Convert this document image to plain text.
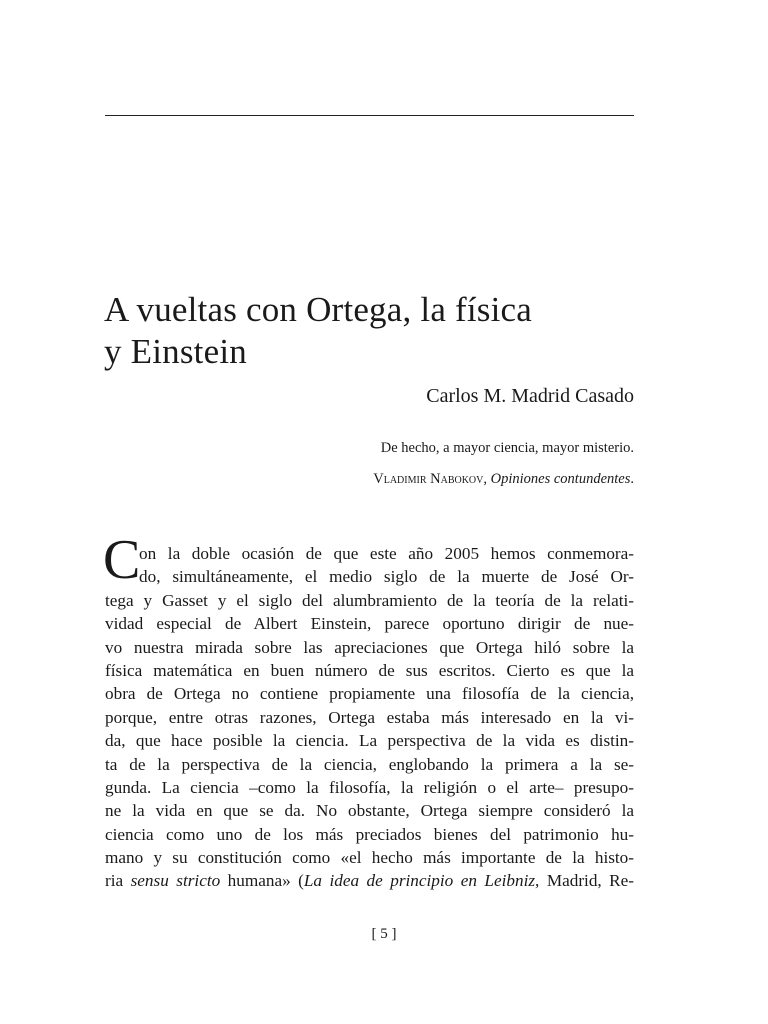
A vueltas con Ortega, la física
y Einstein
Carlos M. Madrid Casado
De hecho, a mayor ciencia, mayor misterio.
Vladimir Nabokov, Opiniones contundentes.
C
on la doble ocasión de que este año 2005 hemos conmemora-
do, simultáneamente, el medio siglo de la muerte de José Or-
tega y Gasset y el siglo del alumbramiento de la teoría de la relati-
vidad especial de Albert Einstein, parece oportuno dirigir de nue-
vo nuestra mirada sobre las apreciaciones que Ortega hiló sobre la
física matemática en buen número de sus escritos. Cierto es que la
obra de Ortega no contiene propiamente una filosofía de la ciencia,
porque, entre otras razones, Ortega estaba más interesado en la vi-
da, que hace posible la ciencia. La perspectiva de la vida es distin-
ta de la perspectiva de la ciencia, englobando la primera a la se-
gunda. La ciencia –como la filosofía, la religión o el arte– presupo-
ne la vida en que se da. No obstante, Ortega siempre consideró la
ciencia como uno de los más preciados bienes del patrimonio hu-
mano y su constitución como «el hecho más importante de la histo-
ria sensu stricto humana» (La idea de principio en Leibniz, Madrid, Re-
[ 5 ]
